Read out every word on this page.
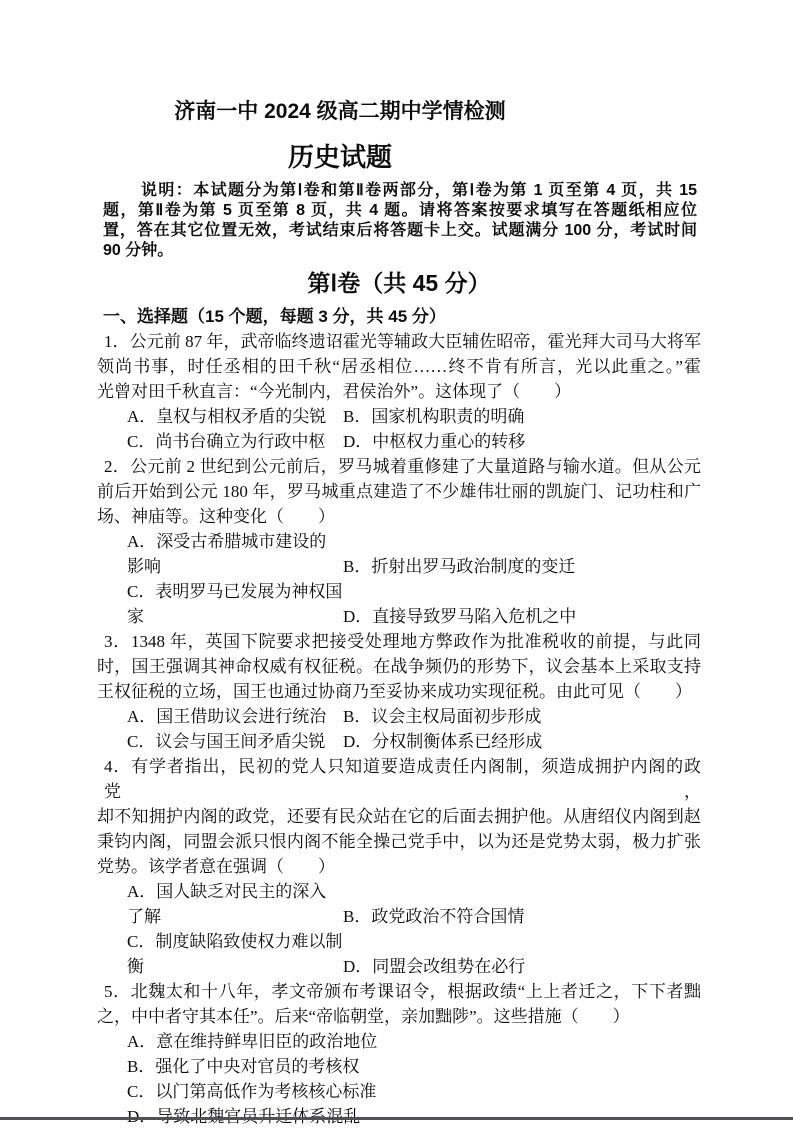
济南一中 2024 级高二期中学情检测
历史试题
说明：本试题分为第Ⅰ卷和第Ⅱ卷两部分，第Ⅰ卷为第 1 页至第 4 页，共 15
题，第Ⅱ卷为第 5 页至第 8 页，共 4 题。请将答案按要求填写在答题纸相应位
置，答在其它位置无效，考试结束后将答题卡上交。试题满分 100 分，考试时间
90 分钟。
第Ⅰ卷（共 45 分）
一、选择题（15 个题，每题 3 分，共 45 分）
1．公元前 87 年，武帝临终遗诏霍光等辅政大臣辅佐昭帝，霍光拜大司马大将军
领尚书事，时任丞相的田千秋“居丞相位……终不肯有所言，光以此重之。”霍
光曾对田千秋直言：“今光制内，君侯治外”。这体现了（　　）
A．皇权与相权矛盾的尖锐 B．国家机构职责的明确
C．尚书台确立为行政中枢 D．中枢权力重心的转移
2．公元前 2 世纪到公元前后，罗马城着重修建了大量道路与输水道。但从公元
前后开始到公元 180 年，罗马城重点建造了不少雄伟壮丽的凯旋门、记功柱和广
场、神庙等。这种变化（　　）
A．深受古希腊城市建设的影响	B．折射出罗马政治制度的变迁
C．表明罗马已发展为神权国家	D．直接导致罗马陷入危机之中
3．1348 年，英国下院要求把接受处理地方弊政作为批准税收的前提，与此同
时，国王强调其神命权威有权征税。在战争频仍的形势下，议会基本上采取支持
王权征税的立场，国王也通过协商乃至妥协来成功实现征税。由此可见（　　）
A．国王借助议会进行统治 B．议会主权局面初步形成
C．议会与国王间矛盾尖锐 D．分权制衡体系已经形成
4．有学者指出，民初的党人只知道要造成责任内阁制，须造成拥护内阁的政党，
却不知拥护内阁的政党，还要有民众站在它的后面去拥护他。从唐绍仪内阁到赵
秉钧内阁，同盟会派只恨内阁不能全操己党手中，以为还是党势太弱，极力扩张
党势。该学者意在强调（　　）
A．国人缺乏对民主的深入了解	B．政党政治不符合国情
C．制度缺陷致使权力难以制衡	D．同盟会改组势在必行
5．北魏太和十八年，孝文帝颁布考课诏令，根据政绩“上上者迁之，下下者黜
之，中中者守其本任”。后来“帝临朝堂，亲加黜陟”。这些措施（　　）
A．意在维持鲜卑旧臣的政治地位
B．强化了中央对官员的考核权
C．以门第高低作为考核核心标准
